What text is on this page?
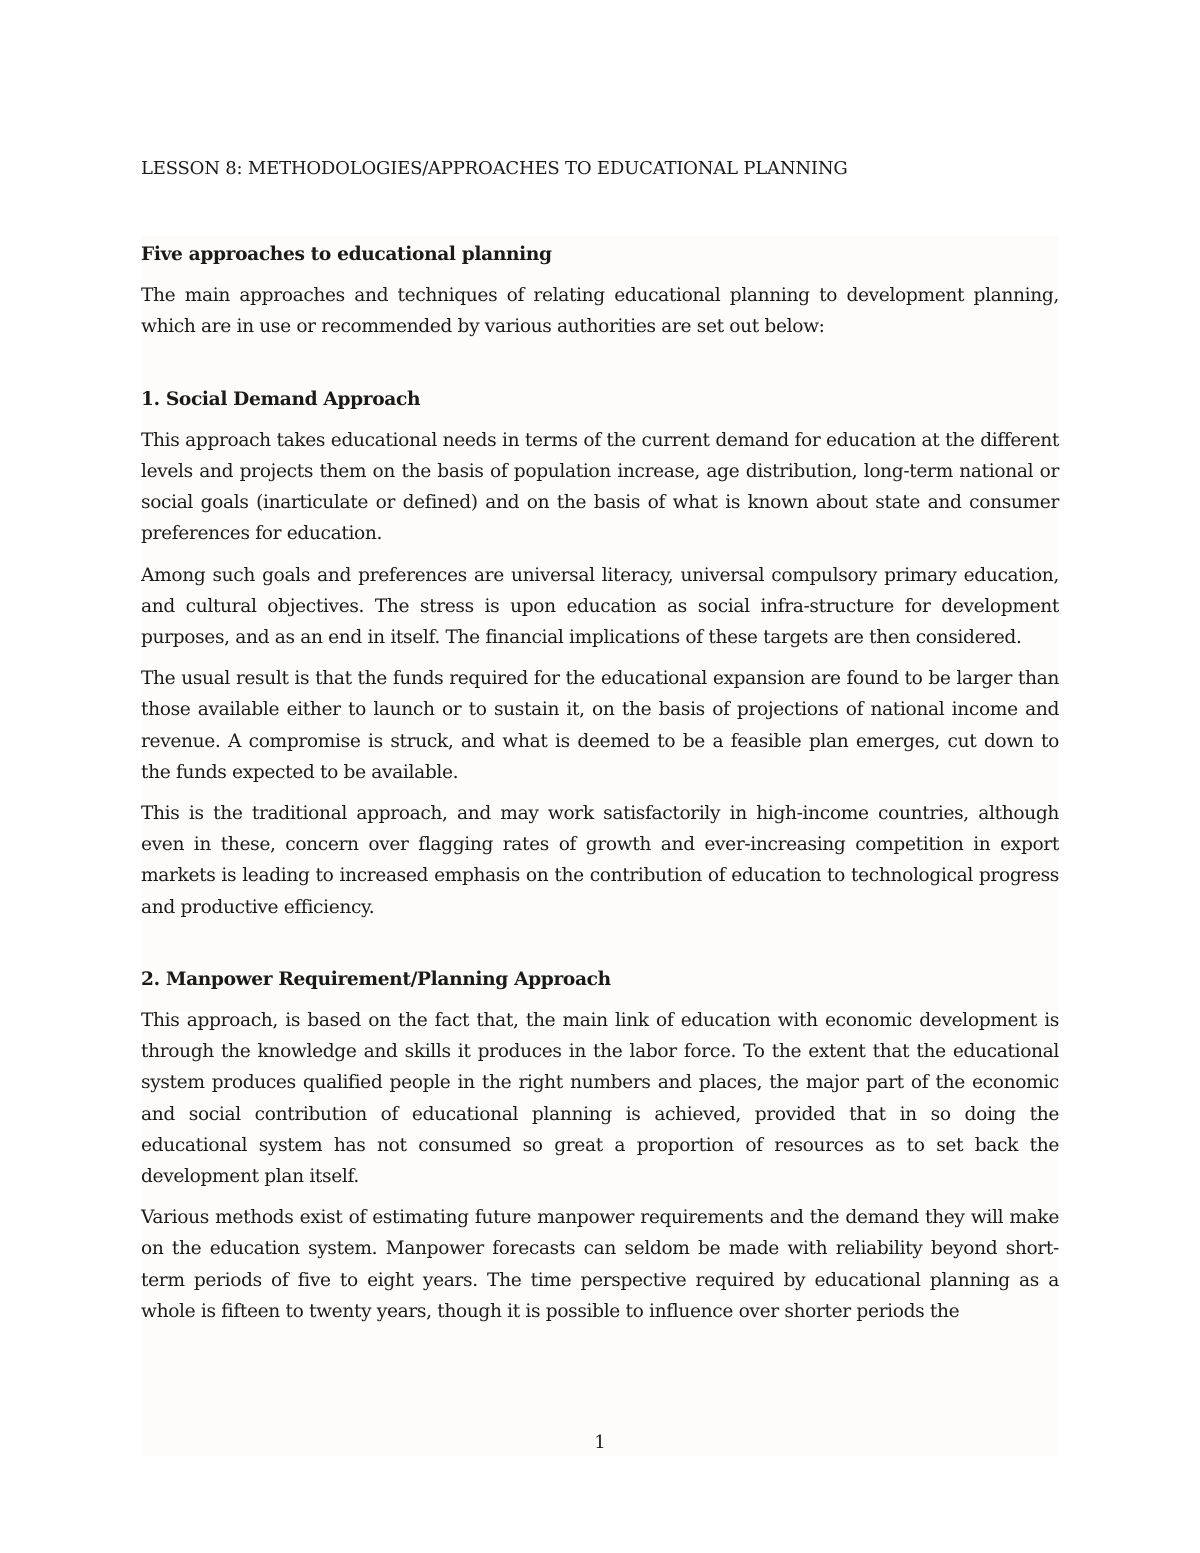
LESSON 8: METHODOLOGIES/APPROACHES TO EDUCATIONAL PLANNING

Five approaches to educational planning

The main approaches and techniques of relating educational planning to development planning, which are in use or recommended by various authorities are set out below:

1. Social Demand Approach

This approach takes educational needs in terms of the current demand for education at the different levels and projects them on the basis of population increase, age distribution, long-term national or social goals (inarticulate or defined) and on the basis of what is known about state and consumer preferences for education.

Among such goals and preferences are universal literacy, universal compulsory primary education, and cultural objectives. The stress is upon education as social infra-structure for development purposes, and as an end in itself. The financial implications of these targets are then considered.

The usual result is that the funds required for the educational expansion are found to be larger than those available either to launch or to sustain it, on the basis of projections of national income and revenue. A compromise is struck, and what is deemed to be a feasible plan emerges, cut down to the funds expected to be available.

This is the traditional approach, and may work satisfactorily in high-income countries, although even in these, concern over flagging rates of growth and ever-increasing competition in export markets is leading to increased emphasis on the contribution of education to technological progress and productive efficiency.

2. Manpower Requirement/Planning Approach

This approach, is based on the fact that, the main link of education with economic development is through the knowledge and skills it produces in the labor force. To the extent that the educational system produces qualified people in the right numbers and places, the major part of the economic and social contribution of educational planning is achieved, provided that in so doing the educational system has not consumed so great a proportion of resources as to set back the development plan itself.

Various methods exist of estimating future manpower requirements and the demand they will make on the education system. Manpower forecasts can seldom be made with reliability beyond short-term periods of five to eight years. The time perspective required by educational planning as a whole is fifteen to twenty years, though it is possible to influence over shorter periods the

1
